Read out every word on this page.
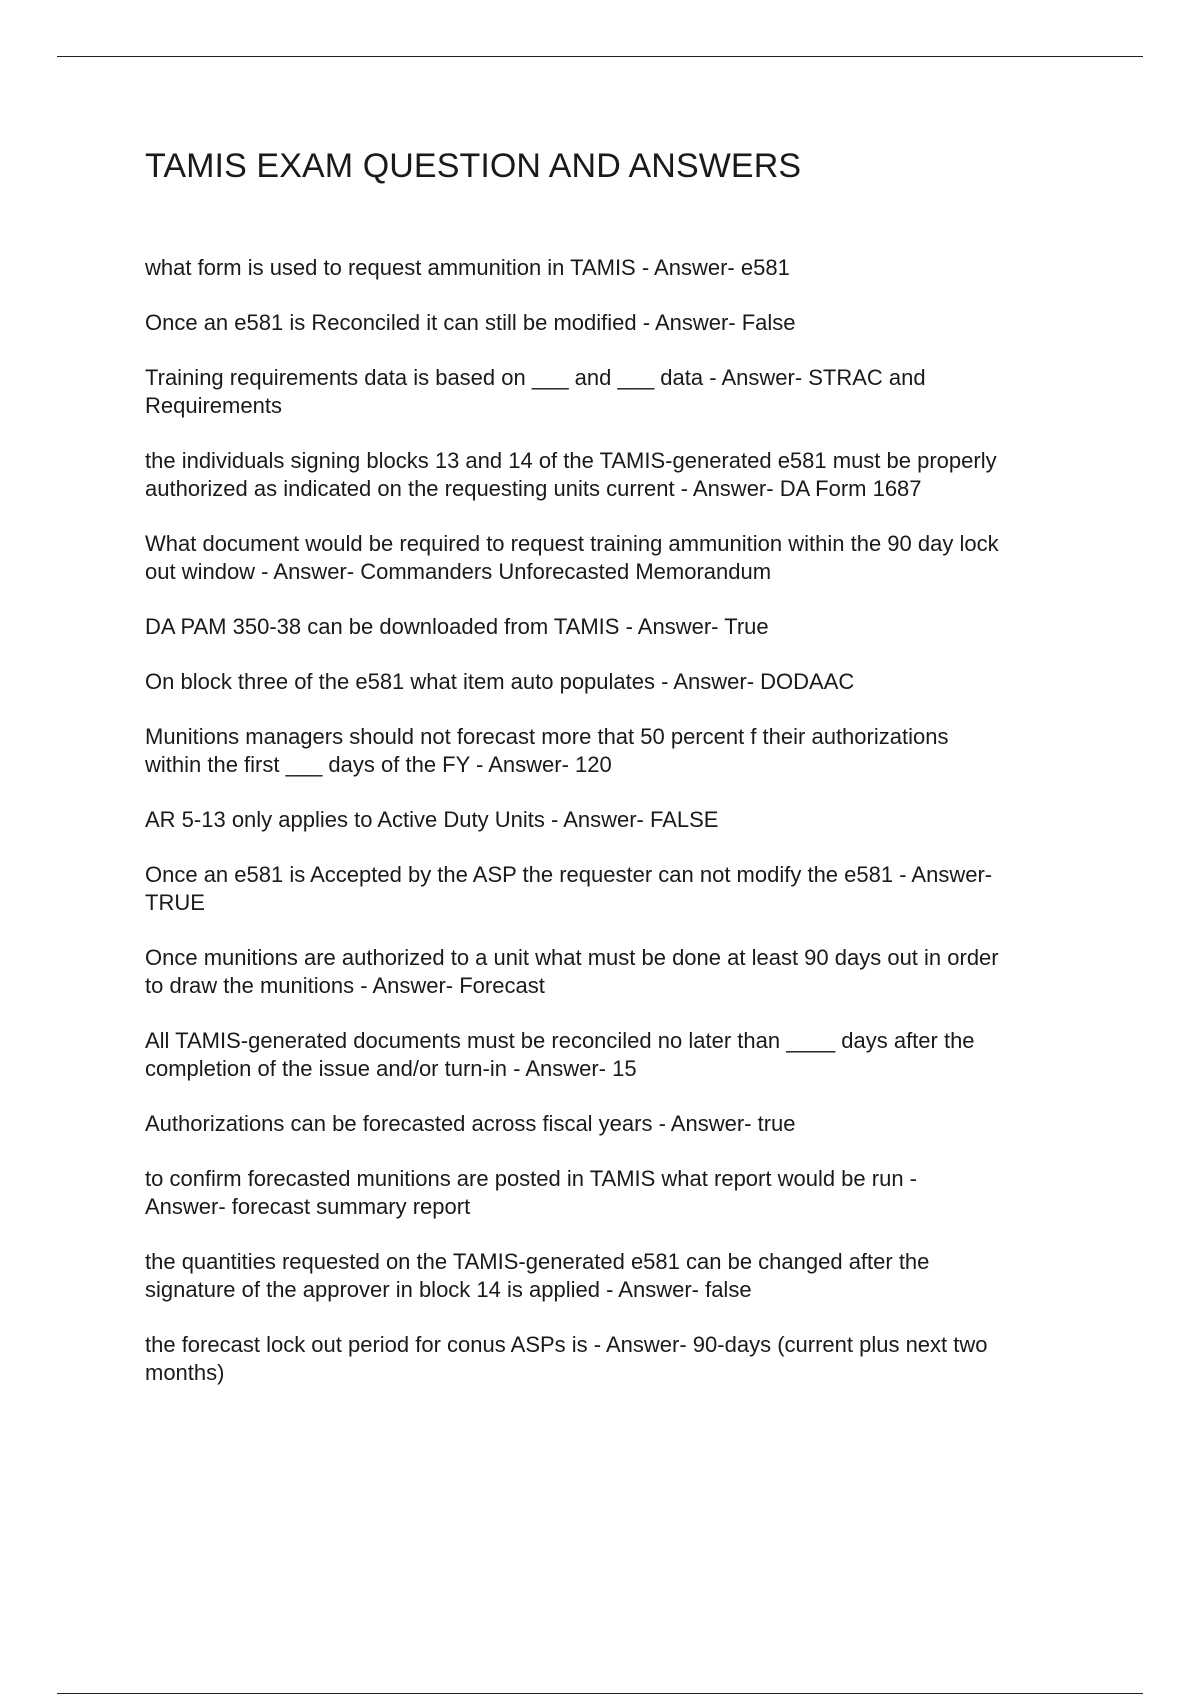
TAMIS EXAM QUESTION AND ANSWERS
what form is used to request ammunition in TAMIS - Answer- e581
Once an e581 is Reconciled it can still be modified - Answer- False
Training requirements data is based on ___ and ___ data - Answer- STRAC and
Requirements
the individuals signing blocks 13 and 14 of the TAMIS-generated e581 must be properly
authorized as indicated on the requesting units current - Answer- DA Form 1687
What document would be required to request training ammunition within the 90 day lock
out window - Answer- Commanders Unforecasted Memorandum
DA PAM 350-38 can be downloaded from TAMIS - Answer- True
On block three of the e581 what item auto populates - Answer- DODAAC
Munitions managers should not forecast more that 50 percent f their authorizations
within the first ___ days of the FY - Answer- 120
AR 5-13 only applies to Active Duty Units - Answer- FALSE
Once an e581 is Accepted by the ASP the requester can not modify the e581 - Answer-
TRUE
Once munitions are authorized to a unit what must be done at least 90 days out in order
to draw the munitions - Answer- Forecast
All TAMIS-generated documents must be reconciled no later than ____ days after the
completion of the issue and/or turn-in - Answer- 15
Authorizations can be forecasted across fiscal years - Answer- true
to confirm forecasted munitions are posted in TAMIS what report would be run -
Answer- forecast summary report
the quantities requested on the TAMIS-generated e581 can be changed after the
signature of the approver in block 14 is applied - Answer- false
the forecast lock out period for conus ASPs is - Answer- 90-days (current plus next two
months)
